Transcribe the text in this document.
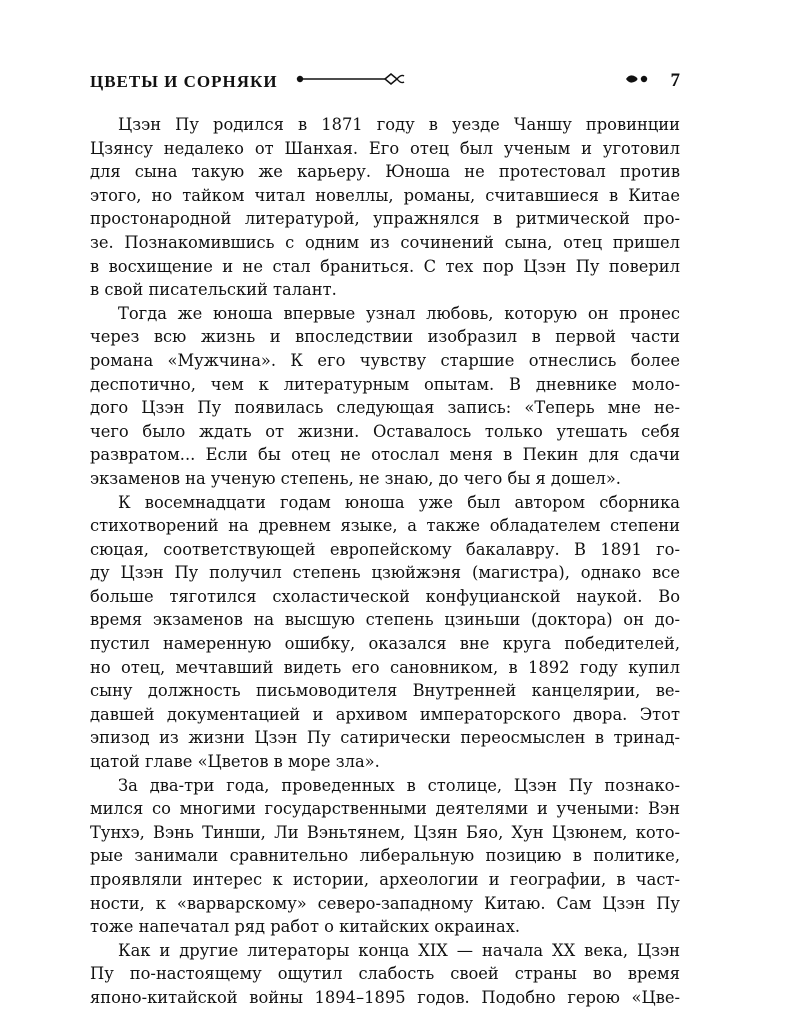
ЦВЕТЫ И СОРНЯКИ	7
Цзэн Пу родился в 1871 году в уезде Чаншу провинции
Цзянсу недалеко от Шанхая. Его отец был ученым и уготовил
для сына такую же карьеру. Юноша не протестовал против
этого, но тайком читал новеллы, романы, считавшиеся в Китае
простонародной литературой, упражнялся в ритмической про-
зе. Познакомившись с одним из сочинений сына, отец пришел
в восхищение и не стал браниться. С тех пор Цзэн Пу поверил
в свой писательский талант.
Тогда же юноша впервые узнал любовь, которую он пронес
через всю жизнь и впоследствии изобразил в первой части
романа «Мужчина». К его чувству старшие отнеслись более
деспотично, чем к литературным опытам. В дневнике моло-
дого Цзэн Пу появилась следующая запись: «Теперь мне не-
чего было ждать от жизни. Оставалось только утешать себя
развратом... Если бы отец не отослал меня в Пекин для сдачи
экзаменов на ученую степень, не знаю, до чего бы я дошел».
К восемнадцати годам юноша уже был автором сборника
стихотворений на древнем языке, а также обладателем степени
сюцая, соответствующей европейскому бакалавру. В 1891 го-
ду Цзэн Пу получил степень цзюйжэня (магистра), однако все
больше тяготился схоластической конфуцианской наукой. Во
время экзаменов на высшую степень цзиньши (доктора) он до-
пустил намеренную ошибку, оказался вне круга победителей,
но отец, мечтавший видеть его сановником, в 1892 году купил
сыну должность письмоводителя Внутренней канцелярии, ве-
давшей документацией и архивом императорского двора. Этот
эпизод из жизни Цзэн Пу сатирически переосмыслен в тринад-
цатой главе «Цветов в море зла».
За два-три года, проведенных в столице, Цзэн Пу познако-
мился со многими государственными деятелями и учеными: Вэн
Тунхэ, Вэнь Тинши, Ли Вэньтянем, Цзян Бяо, Хун Цзюнем, кото-
рые занимали сравнительно либеральную позицию в политике,
проявляли интерес к истории, археологии и географии, в част-
ности, к «варварскому» северо-западному Китаю. Сам Цзэн Пу
тоже напечатал ряд работ о китайских окраинах.
Как и другие литераторы конца XIX — начала XX века, Цзэн
Пу по-настоящему ощутил слабость своей страны во время
японо-китайской войны 1894–1895 годов. Подобно герою «Цве-
